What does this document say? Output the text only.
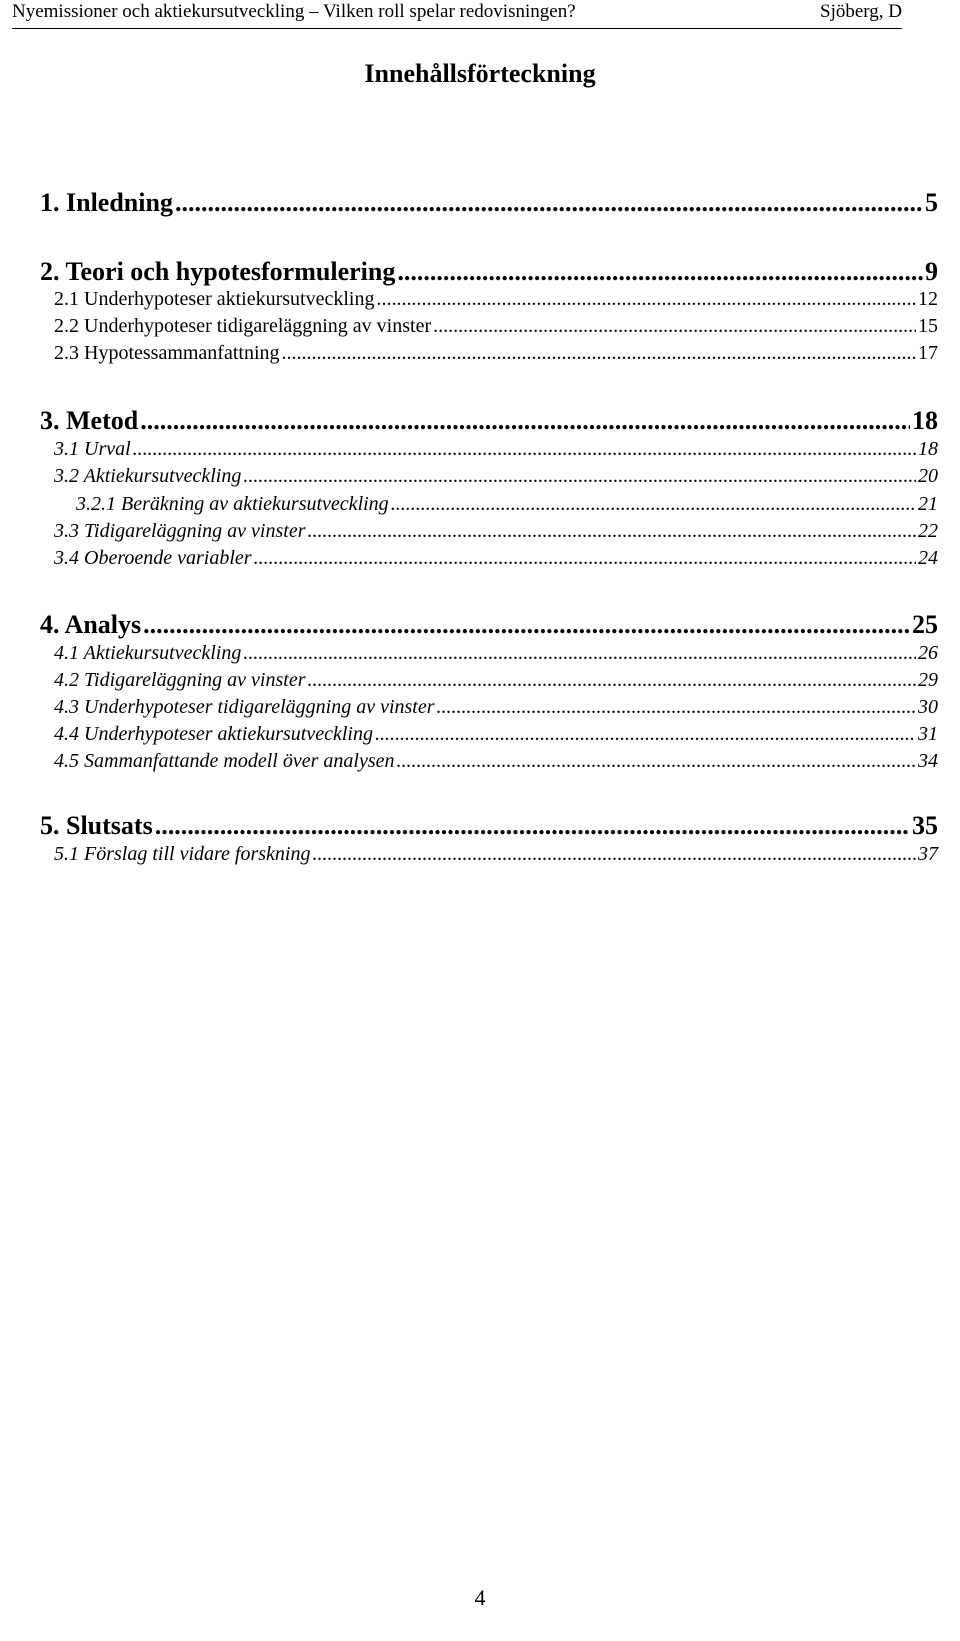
Nyemissioner och aktiekursutveckling – Vilken roll spelar redovisningen?	Sjöberg, D
Innehållsförteckning
1. Inledning .....	5
2. Teori och hypotesformulering .....	9
2.1 Underhypoteser aktiekursutveckling .....	12
2.2 Underhypoteser tidigareläggning av vinster .....	15
2.3 Hypotessammanfattning .....	17
3. Metod .....	18
3.1 Urval .....	18
3.2 Aktiekursutveckling .....	20
3.2.1 Beräkning av aktiekursutveckling .....	21
3.3 Tidigareläggning av vinster .....	22
3.4 Oberoende variabler .....	24
4. Analys .....	25
4.1 Aktiekursutveckling .....	26
4.2 Tidigareläggning av vinster .....	29
4.3 Underhypoteser tidigareläggning av vinster .....	30
4.4 Underhypoteser aktiekursutveckling .....	31
4.5 Sammanfattande modell över analysen .....	34
5. Slutsats .....	35
5.1 Förslag till vidare forskning .....	37
4
